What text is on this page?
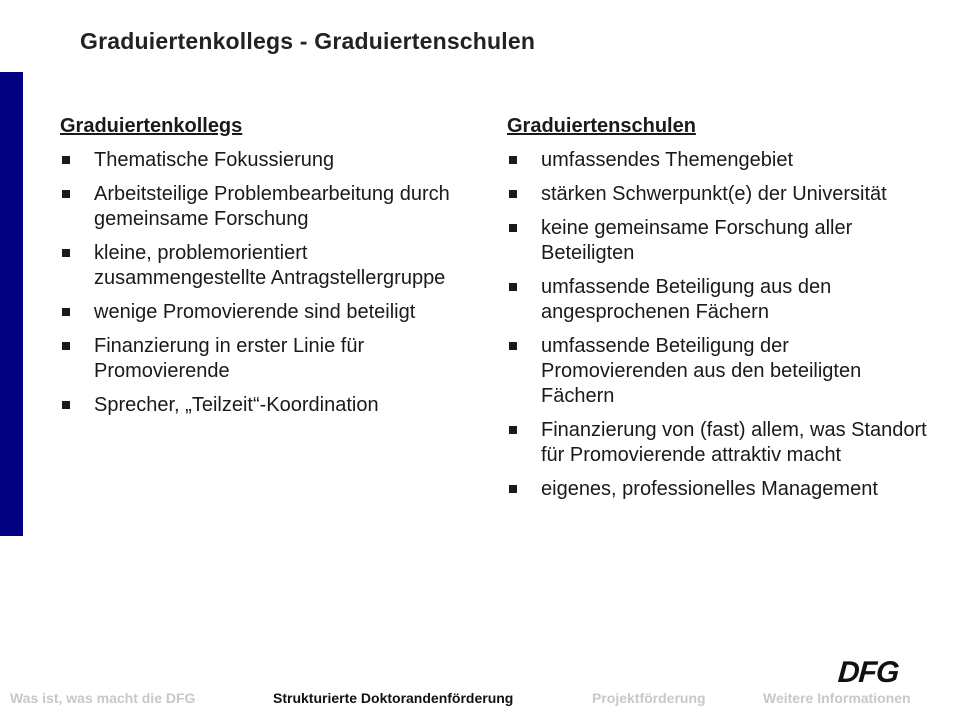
Graduiertenkollegs - Graduiertenschulen
Graduiertenkollegs
Thematische Fokussierung
Arbeitsteilige Problembearbeitung durch gemeinsame Forschung
kleine, problemorientiert zusammengestellte Antragstellergruppe
wenige Promovierende sind beteiligt
Finanzierung in erster Linie für Promovierende
Sprecher, „Teilzeit“-Koordination
Graduiertenschulen
umfassendes Themengebiet
stärken Schwerpunkt(e) der Universität
keine gemeinsame Forschung aller Beteiligten
umfassende Beteiligung aus den angesprochenen Fächern
umfassende Beteiligung der Promovierenden aus den beteiligten Fächern
Finanzierung von (fast) allem, was Standort für Promovierende attraktiv macht
eigenes, professionelles Management
DFG
Was ist, was macht die DFG	Strukturierte Doktorandenförderung	Projektförderung	Weitere Informationen
